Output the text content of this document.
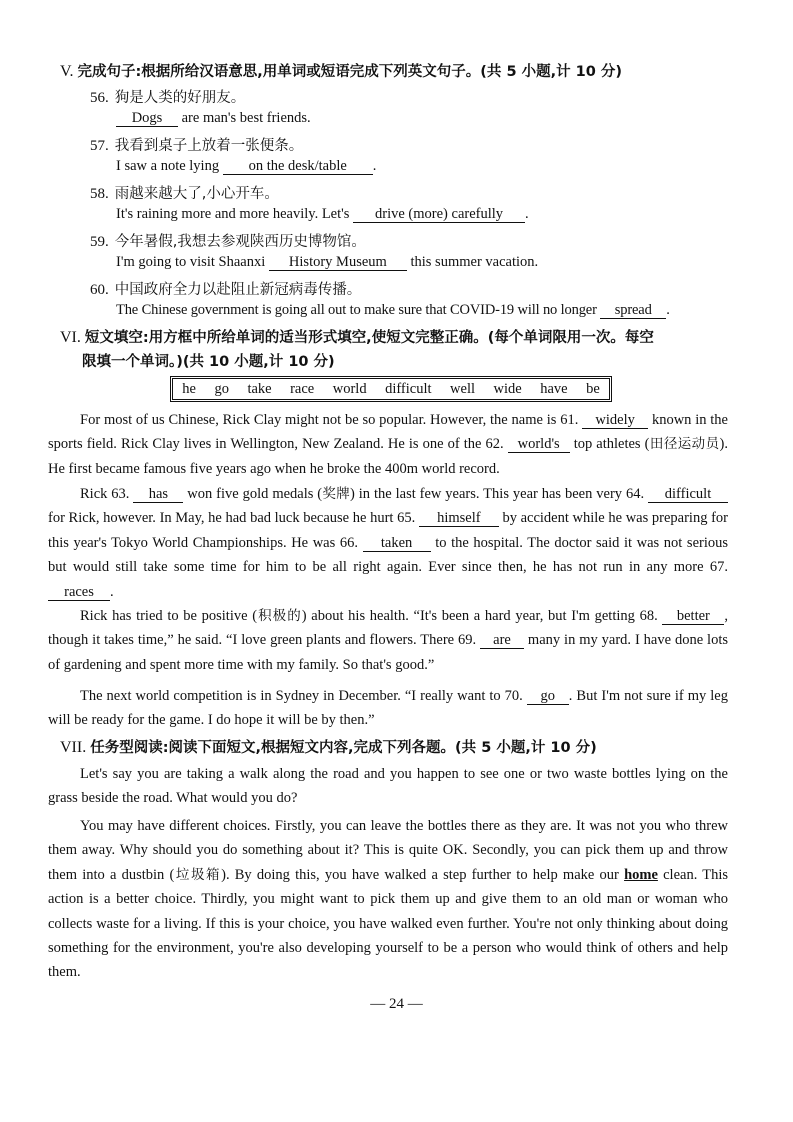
V. 完成句子:根据所给汉语意思,用单词或短语完成下列英文句子。(共 5 小题,计 10 分)
56. 狗是人类的好朋友。
Dogs are man's best friends.
57. 我看到桌子上放着一张便条。
I saw a note lying on the desk/table .
58. 雨越来越大了,小心开车。
It's raining more and more heavily. Let's drive (more) carefully .
59. 今年暑假,我想去参观陕西历史博物馆。
I'm going to visit Shaanxi History Museum this summer vacation.
60. 中国政府全力以赴阻止新冠病毒传播。
The Chinese government is going all out to make sure that COVID-19 will no longer spread .
VI. 短文填空:用方框中所给单词的适当形式填空,使短文完整正确。(每个单词限用一次。每空
限填一个单词。)(共 10 小题,计 10 分)
he go take race world difficult well wide have be
For most of us Chinese, Rick Clay might not be so popular. However, the name is 61. widely known in the sports field. Rick Clay lives in Wellington, New Zealand. He is one of the 62. world's top athletes (田径运动员). He first became famous five years ago when he broke the 400m world record.
Rick 63. has won five gold medals (奖牌) in the last few years. This year has been very 64. difficult for Rick, however. In May, he had bad luck because he hurt 65. himself by accident while he was preparing for this year's Tokyo World Championships. He was 66. taken to the hospital. The doctor said it was not serious but would still take some time for him to be all right again. Ever since then, he has not run in any more 67. races .
Rick has tried to be positive (积极的) about his health. “It's been a hard year, but I'm getting 68. better , though it takes time,” he said. “I love green plants and flowers. There 69. are many in my yard. I have done lots of gardening and spent more time with my family. So that's good.”
The next world competition is in Sydney in December. “I really want to 70. go . But I'm not sure if my leg will be ready for the game. I do hope it will be by then.”
VII. 任务型阅读:阅读下面短文,根据短文内容,完成下列各题。(共 5 小题,计 10 分)
Let's say you are taking a walk along the road and you happen to see one or two waste bottles lying on the grass beside the road. What would you do?
You may have different choices. Firstly, you can leave the bottles there as they are. It was not you who threw them away. Why should you do something about it? This is quite OK. Secondly, you can pick them up and throw them into a dustbin (垃圾箱). By doing this, you have walked a step further to help make our home clean. This action is a better choice. Thirdly, you might want to pick them up and give them to an old man or woman who collects waste for a living. If this is your choice, you have walked even further. You're not only thinking about doing something for the environment, you're also developing yourself to be a person who would think of others and help them.
— 24 —
